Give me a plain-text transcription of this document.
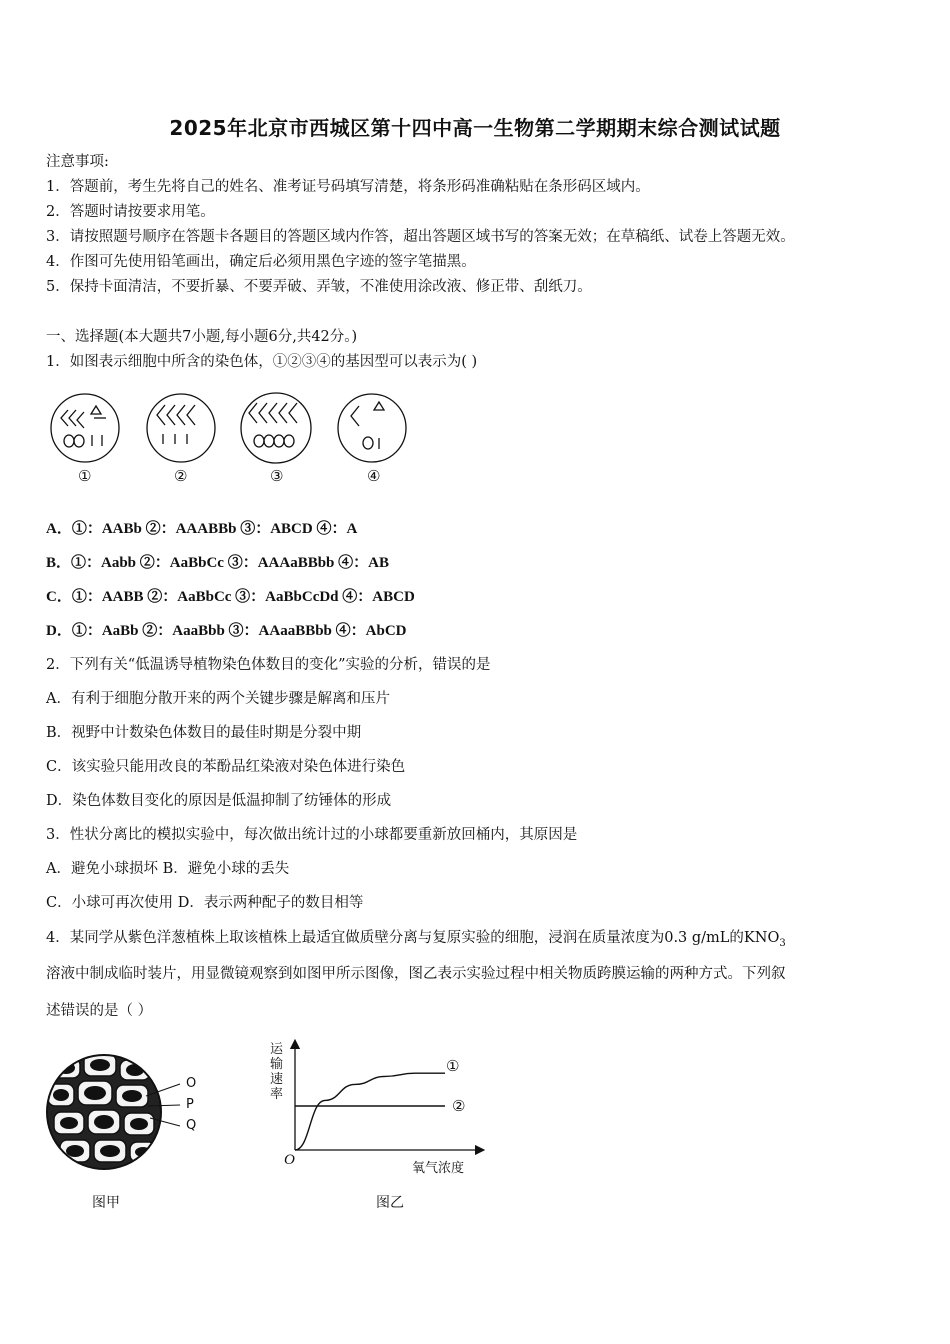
2025年北京市西城区第十四中高一生物第二学期期末综合测试试题
注意事项:
1．答题前，考生先将自己的姓名、准考证号码填写清楚，将条形码准确粘贴在条形码区域内。
2．答题时请按要求用笔。
3．请按照题号顺序在答题卡各题目的答题区域内作答，超出答题区域书写的答案无效；在草稿纸、试卷上答题无效。
4．作图可先使用铅笔画出，确定后必须用黑色字迹的签字笔描黑。
5．保持卡面清洁，不要折暴、不要弄破、弄皱，不准使用涂改液、修正带、刮纸刀。
一、选择题(本大题共7小题,每小题6分,共42分。)
1．如图表示细胞中所含的染色体，①②③④的基因型可以表示为( )
①	②	③	④
A．①：AABb ②：AAABBb ③：ABCD ④：A
B．①：Aabb ②：AaBbCc ③：AAAaBBbb ④：AB
C．①：AABB ②：AaBbCc ③：AaBbCcDd ④：ABCD
D．①：AaBb ②：AaaBbb ③：AAaaBBbb ④：AbCD
2．下列有关“低温诱导植物染色体数目的变化”实验的分析，错误的是
A．有利于细胞分散开来的两个关键步骤是解离和压片
B．视野中计数染色体数目的最佳时期是分裂中期
C．该实验只能用改良的苯酚品红染液对染色体进行染色
D．染色体数目变化的原因是低温抑制了纺锤体的形成
3．性状分离比的模拟实验中，每次做出统计过的小球都要重新放回桶内，其原因是
A．避免小球损坏 B．避免小球的丢失
C．小球可再次使用 D．表示两种配子的数目相等
4．某同学从紫色洋葱植株上取该植株上最适宜做质壁分离与复原实验的细胞，浸润在质量浓度为0.3 g/mL的$KNO_3$
溶液中制成临时装片，用显微镜观察到如图甲所示图像，图乙表示实验过程中相关物质跨膜运输的两种方式。下列叙
述错误的是（ ）
O
P
Q
图甲
运输速率
O
氧气浓度
①
②
图乙
